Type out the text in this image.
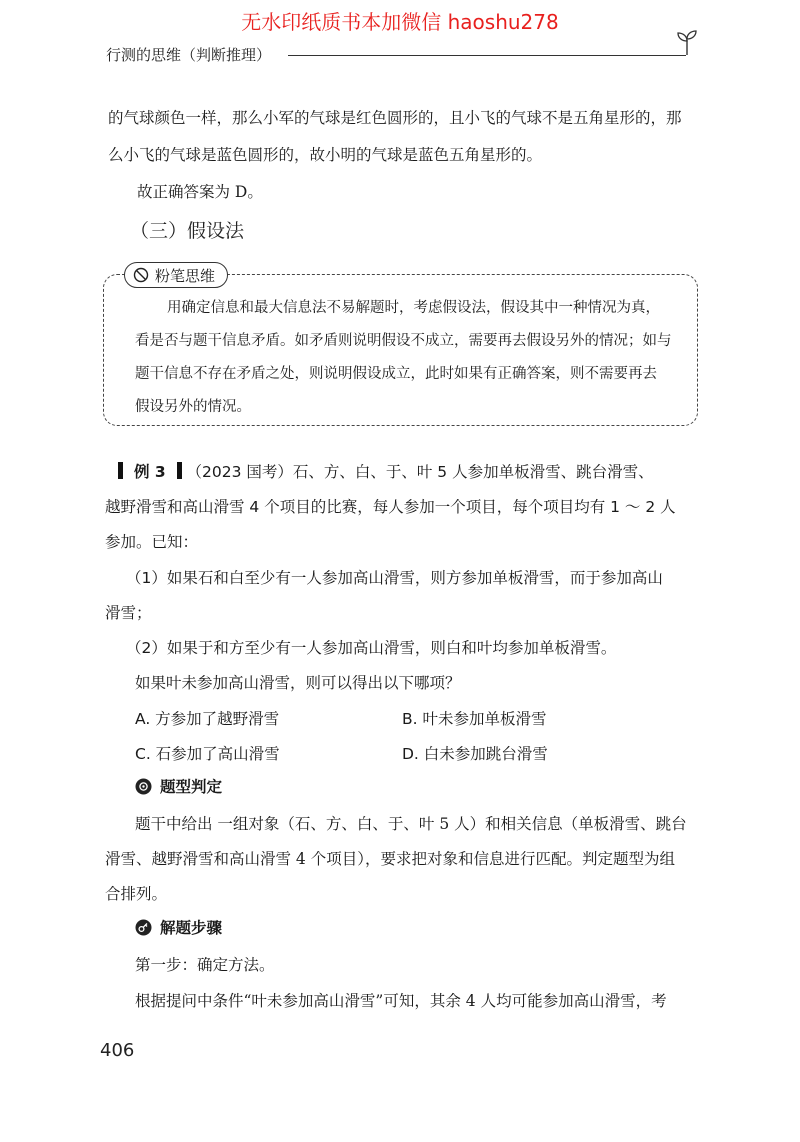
无水印纸质书本加微信 haoshu278
行测的思维（判断推理）
的气球颜色一样，那么小军的气球是红色圆形的，且小飞的气球不是五角星形的，那
么小飞的气球是蓝色圆形的，故小明的气球是蓝色五角星形的。
故正确答案为 D。
（三）假设法
粉笔思维
用确定信息和最大信息法不易解题时，考虑假设法，假设其中一种情况为真，
看是否与题干信息矛盾。如矛盾则说明假设不成立，需要再去假设另外的情况；如与
题干信息不存在矛盾之处，则说明假设成立，此时如果有正确答案，则不需要再去
假设另外的情况。
例 3 （2023 国考）石、方、白、于、叶 5 人参加单板滑雪、跳台滑雪、
越野滑雪和高山滑雪 4 个项目的比赛，每人参加一个项目，每个项目均有 1 ～ 2 人
参加。已知：
（1）如果石和白至少有一人参加高山滑雪，则方参加单板滑雪，而于参加高山
滑雪；
（2）如果于和方至少有一人参加高山滑雪，则白和叶均参加单板滑雪。
如果叶未参加高山滑雪，则可以得出以下哪项？
A. 方参加了越野滑雪	B. 叶未参加单板滑雪
C. 石参加了高山滑雪	D. 白未参加跳台滑雪
题型判定
题干中给出 一组对象（石、方、白、于、叶 5 人）和相关信息（单板滑雪、跳台
滑雪、越野滑雪和高山滑雪 4 个项目），要求把对象和信息进行匹配。判定题型为组
合排列。
解题步骤
第一步：确定方法。
根据提问中条件“叶未参加高山滑雪”可知，其余 4 人均可能参加高山滑雪，考
406
